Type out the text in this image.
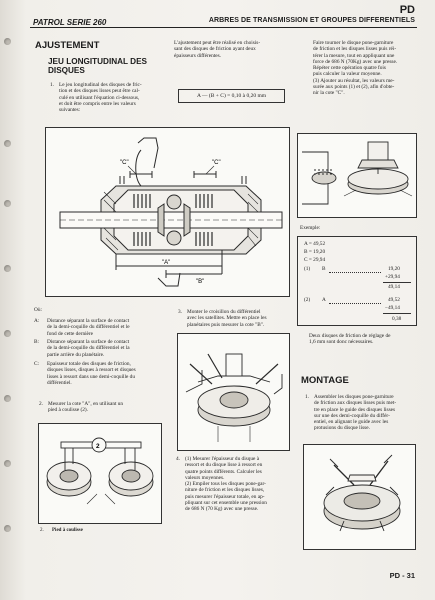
PATROL SERIE 260
PD
ARBRES DE TRANSMISSION ET GROUPES DIFFERENTIELS
AJUSTEMENT
JEU LONGITUDINAL DES
DISQUES
1. Le jeu longitudinal des disques de fric-
tion et des disques lisses peut être cal-
culé en utilisant l'équation ci-dessous,
et doit être compris entre les valeurs
suivantes:
"C"	"C"
"A"
"B"
Où:
A: Distance séparant la surface de contact
de la demi-coquille du différentiel et le
fond de cette dernière
B: Distance séparant la surface de contact
de la demi-coquille du différentiel et la
partie arrière du planétaire.
C: Epaisseur totale des disques de friction,
disques lisses, disques à ressort et disques
lisses à ressort dans une demi-coquille du
différentiel.
2. Mesurer la cote "A", en utilisant un
pied à coulisse (2).
2
2. Pied à coulisse
L'ajustement peut être réalisé en choisis-
sant des disques de friction ayant deux
épaisseurs différentes.
A — (B + C) = 0,10 à 0,20 mm
3. Monter le croisillon du différentiel
avec les satellites. Mettre en place les
planétaires puis mesurer la cote "B".
4. (1) Mesurer l'épaisseur du disque à
ressort et du disque lisse à ressort en
quatre points différents. Calculer les
valeurs moyennes.
(2) Empiler tous les disques pone-gar-
niture de friction et les disques lisses,
puis mesurer l'épaisseur totale, en ap-
pliquant sur cet ensemble une pression
de 686 N (70 Kg) avec une presse.
Faire tourner le disque pone-garniture
de friction et les disques lisses puis réi-
térer la mesure, tout en appliquant une
force de 686 N (70Kg) avec une presse.
Répéter cette opération quatre fois
puis calculer la valeur moyenne.
(3) Ajouter au résultat, les valeurs me-
surée aux points (1) et (2), afin d'obte-
nir la cote "C".
Exemple:
A = 49,52
B = 19,20
C = 29,94
(1) B	19,20
+29,94
49,14
(2) A	49,52
−49,14
0,38
Deux disques de friction de réglage de
1,6 mm sont donc nécessaires.
MONTAGE
1. Assembler les disques pone-garniture
de friction aux disques lisses puis met-
tre en place le guide des disques lisses
sur une des demi-coquille du différ-
entiel, en alignant le guide avec les
protusions du disque lisse.
PD - 31
